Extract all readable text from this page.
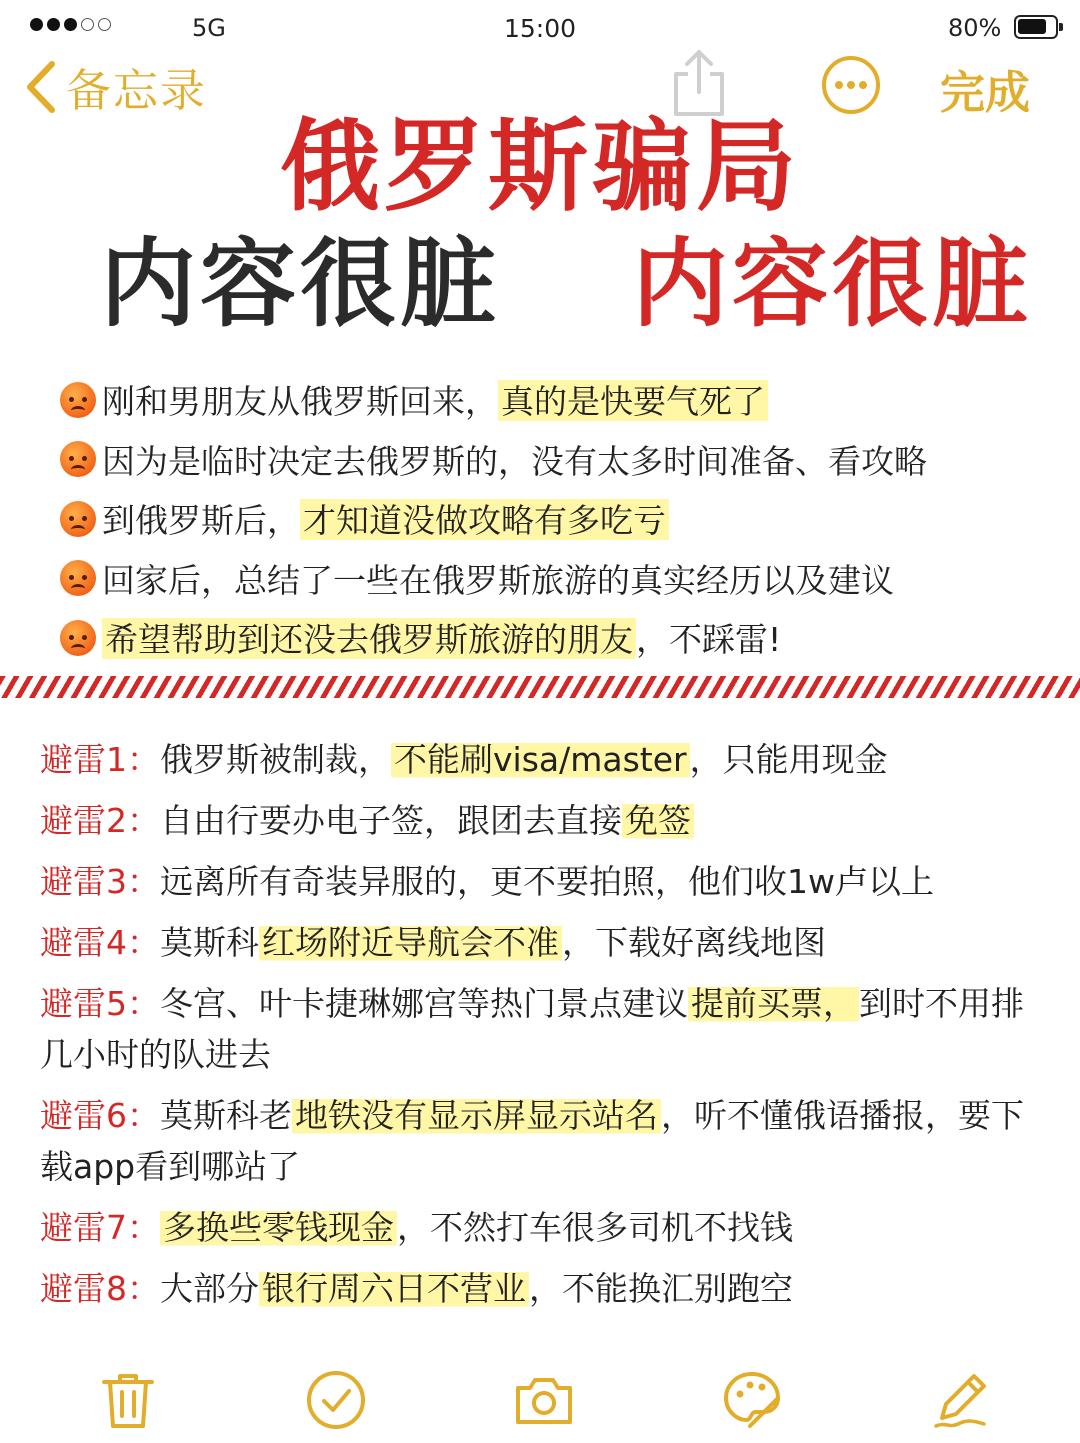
5G	15:00	80%
备忘录	完成
俄罗斯骗局
内容很脏 内容很脏
刚和男朋友从俄罗斯回来， 真的是快要气死了
因为是临时决定去俄罗斯的，没有太多时间准备、看攻略
到俄罗斯后， 才知道没做攻略有多吃亏
回家后，总结了一些在俄罗斯旅游的真实经历以及建议
希望帮助到还没去俄罗斯旅游的朋友 ，不踩雷!
避雷1：俄罗斯被制裁，不能刷visa/master，只能用现金
避雷2：自由行要办电子签，跟团去直接免签
避雷3：远离所有奇装异服的，更不要拍照，他们收1w卢以上
避雷4：莫斯科红场附近导航会不准，下载好离线地图
避雷5：冬宫、叶卡捷琳娜宫等热门景点建议提前买票，到时不用排几小时的队进去
避雷6：莫斯科老地铁没有显示屏显示站名，听不懂俄语播报，要下载app看到哪站了
避雷7：多换些零钱现金，不然打车很多司机不找钱
避雷8：大部分银行周六日不营业，不能换汇别跑空
